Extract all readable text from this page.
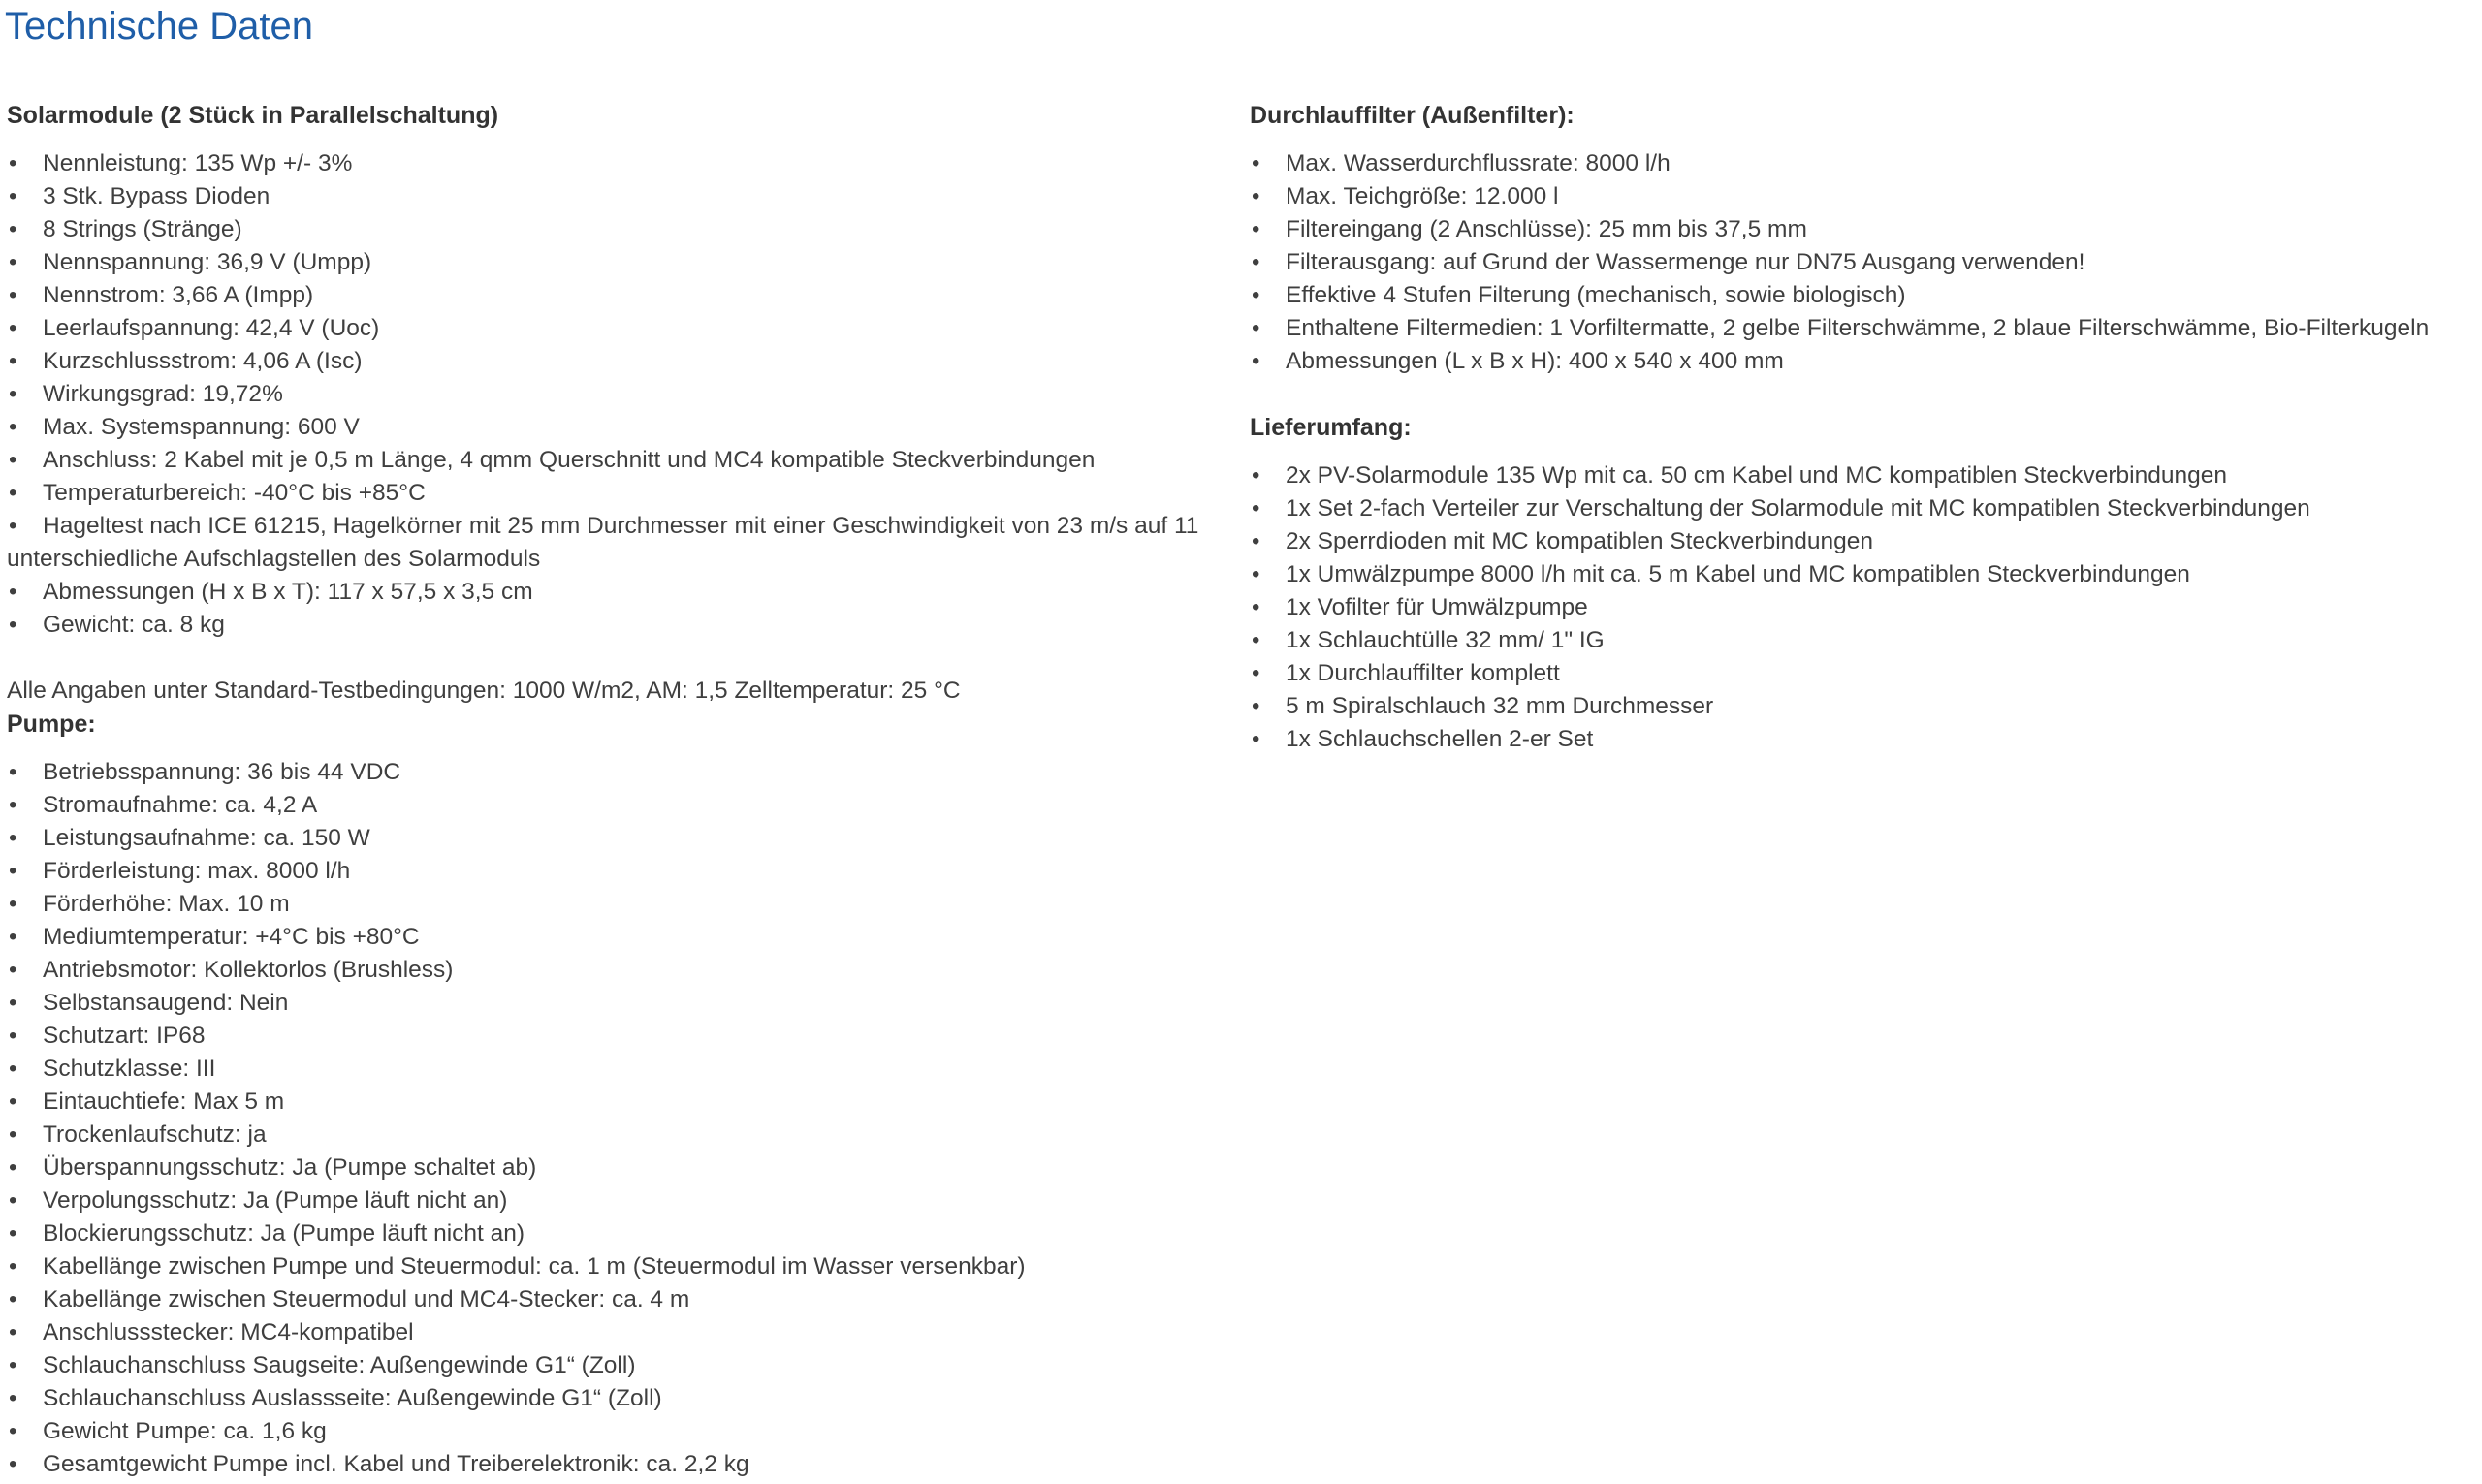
Technische Daten
Solarmodule (2 Stück in Parallelschaltung)
• Nennleistung: 135 Wp +/- 3%
• 3 Stk. Bypass Dioden
• 8 Strings (Stränge)
• Nennspannung: 36,9 V (Umpp)
• Nennstrom: 3,66 A (Impp)
• Leerlaufspannung: 42,4 V (Uoc)
• Kurzschlussstrom: 4,06 A (Isc)
• Wirkungsgrad: 19,72%
• Max. Systemspannung: 600 V
• Anschluss: 2 Kabel mit je 0,5 m Länge, 4 qmm Querschnitt und MC4 kompatible Steckverbindungen
• Temperaturbereich: -40°C bis +85°C
• Hageltest nach ICE 61215, Hagelkörner mit 25 mm Durchmesser mit einer Geschwindigkeit von 23 m/s auf 11 unterschiedliche Aufschlagstellen des Solarmoduls
• Abmessungen (H x B x T): 117 x 57,5 x 3,5 cm
• Gewicht: ca. 8 kg

Alle Angaben unter Standard-Testbedingungen: 1000 W/m2, AM: 1,5 Zelltemperatur: 25 °C

Pumpe:
• Betriebsspannung: 36 bis 44 VDC
• Stromaufnahme: ca. 4,2 A
• Leistungsaufnahme: ca. 150 W
• Förderleistung: max. 8000 l/h
• Förderhöhe: Max. 10 m
• Mediumtemperatur: +4°C bis +80°C
• Antriebsmotor: Kollektorlos (Brushless)
• Selbstansaugend: Nein
• Schutzart: IP68
• Schutzklasse: III
• Eintauchtiefe: Max 5 m
• Trockenlaufschutz: ja
• Überspannungsschutz: Ja (Pumpe schaltet ab)
• Verpolungsschutz: Ja (Pumpe läuft nicht an)
• Blockierungsschutz: Ja (Pumpe läuft nicht an)
• Kabellänge zwischen Pumpe und Steuermodul: ca. 1 m (Steuermodul im Wasser versenkbar)
• Kabellänge zwischen Steuermodul und MC4-Stecker: ca. 4 m
• Anschlussstecker: MC4-kompatibel
• Schlauchanschluss Saugseite: Außengewinde G1“ (Zoll)
• Schlauchanschluss Auslassseite: Außengewinde G1“ (Zoll)
• Gewicht Pumpe: ca. 1,6 kg
• Gesamtgewicht Pumpe incl. Kabel und Treiberelektronik: ca. 2,2 kg
Durchlauffilter (Außenfilter):
• Max. Wasserdurchflussrate: 8000 l/h
• Max. Teichgröße: 12.000 l
• Filtereingang (2 Anschlüsse): 25 mm bis 37,5 mm
• Filterausgang: auf Grund der Wassermenge nur DN75 Ausgang verwenden!
• Effektive 4 Stufen Filterung (mechanisch, sowie biologisch)
• Enthaltene Filtermedien: 1 Vorfiltermatte, 2 gelbe Filterschwämme, 2 blaue Filterschwämme, Bio-Filterkugeln
• Abmessungen (L x B x H): 400 x 540 x 400 mm
Lieferumfang:
• 2x PV-Solarmodule 135 Wp mit ca. 50 cm Kabel und MC kompatiblen Steckverbindungen
• 1x Set 2-fach Verteiler zur Verschaltung der Solarmodule mit MC kompatiblen Steckverbindungen
• 2x Sperrdioden mit MC kompatiblen Steckverbindungen
• 1x Umwälzpumpe 8000 l/h mit ca. 5 m Kabel und MC kompatiblen Steckverbindungen
• 1x Vofilter für Umwälzpumpe
• 1x Schlauchtülle 32 mm/ 1" IG
• 1x Durchlauffilter komplett
• 5 m Spiralschlauch 32 mm Durchmesser
• 1x Schlauchschellen 2-er Set
